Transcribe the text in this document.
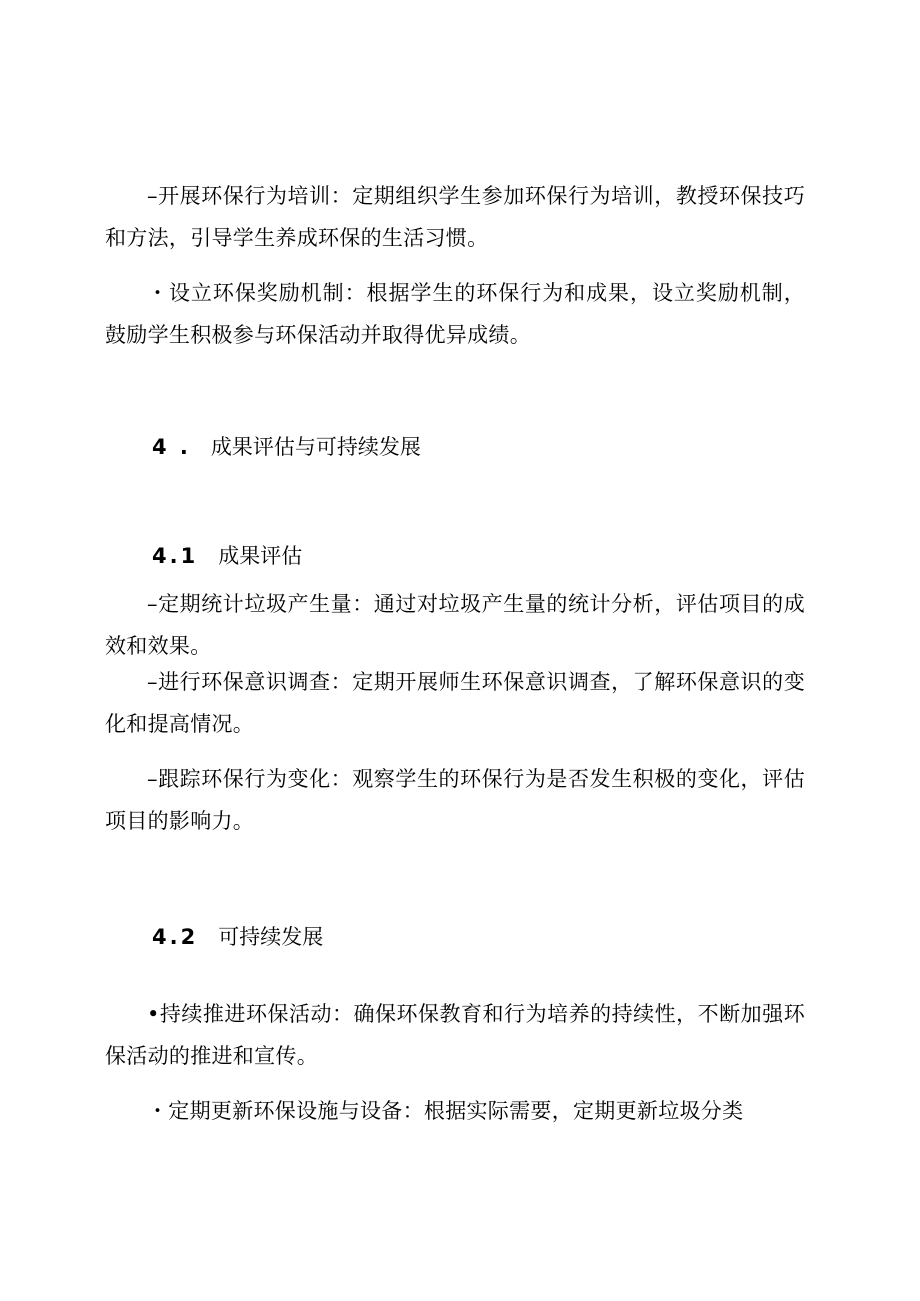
–开展环保行为培训：定期组织学生参加环保行为培训，教授环保技巧和方法，引导学生养成环保的生活习惯。

・设立环保奖励机制：根据学生的环保行为和成果，设立奖励机制，鼓励学生积极参与环保活动并取得优异成绩。

4 . 成果评估与可持续发展
4.1 成果评估

–定期统计垃圾产生量：通过对垃圾产生量的统计分析，评估项目的成效和效果。

–进行环保意识调查：定期开展师生环保意识调查，了解环保意识的变化和提高情况。

–跟踪环保行为变化：观察学生的环保行为是否发生积极的变化，评估项目的影响力。

4.2 可持续发展

•持续推进环保活动：确保环保教育和行为培养的持续性，不断加强环保活动的推进和宣传。

・定期更新环保设施与设备：根据实际需要，定期更新垃圾分类
